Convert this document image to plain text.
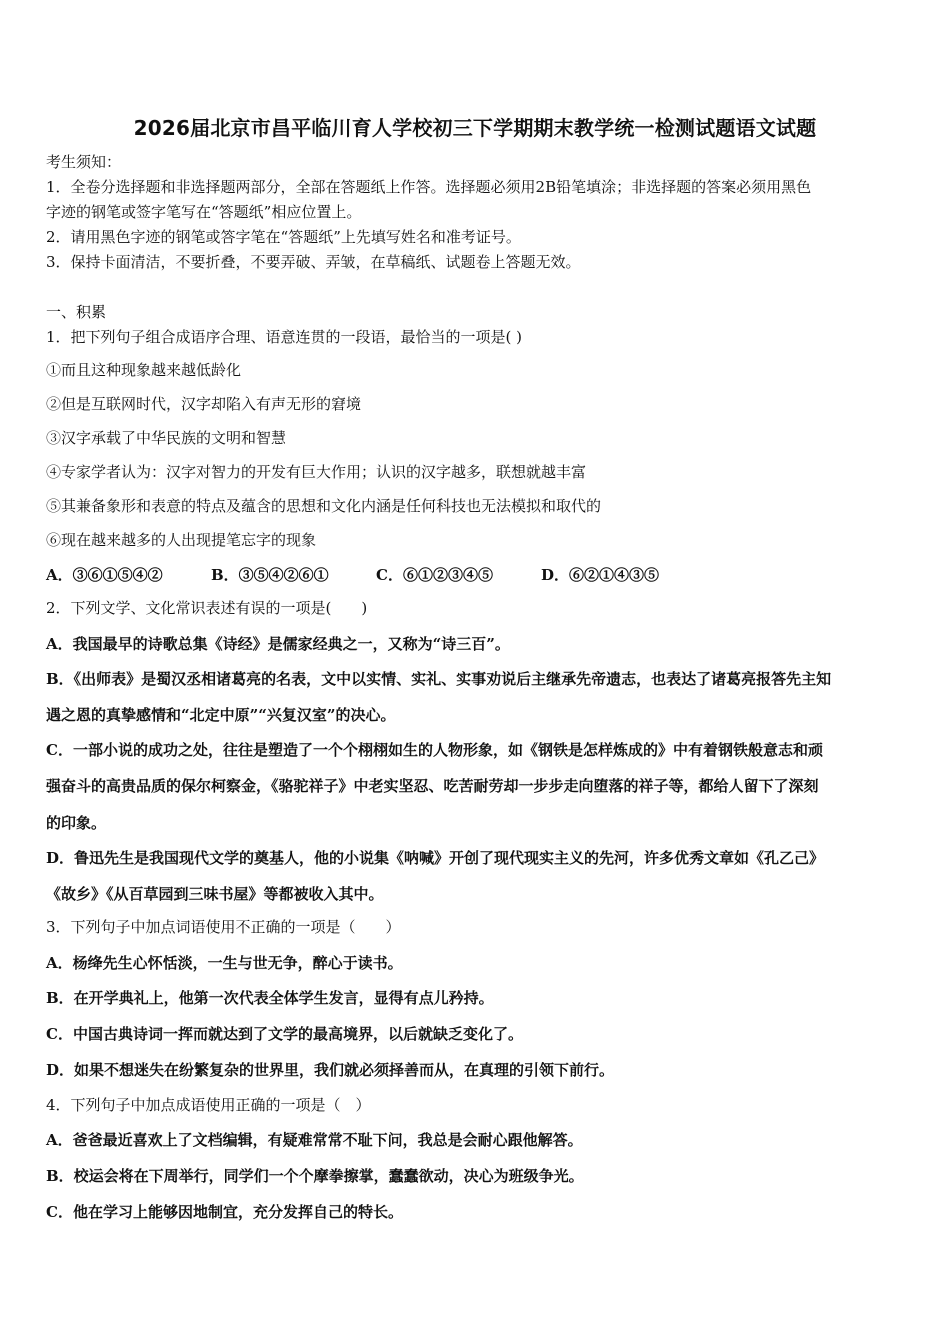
2026届北京市昌平临川育人学校初三下学期期末教学统一检测试题语文试题
考生须知：
1．全卷分选择题和非选择题两部分，全部在答题纸上作答。选择题必须用2B铅笔填涂；非选择题的答案必须用黑色
字迹的钢笔或签字笔写在“答题纸”相应位置上。
2．请用黑色字迹的钢笔或答字笔在“答题纸”上先填写姓名和准考证号。
3．保持卡面清洁，不要折叠，不要弄破、弄皱，在草稿纸、试题卷上答题无效。
一、积累
1．把下列句子组合成语序合理、语意连贯的一段语，最恰当的一项是( )
①而且这种现象越来越低龄化
②但是互联网时代，汉字却陷入有声无形的窘境
③汉字承载了中华民族的文明和智慧
④专家学者认为：汉字对智力的开发有巨大作用；认识的汉字越多，联想就越丰富
⑤其兼备象形和表意的特点及蕴含的思想和文化内涵是任何科技也无法模拟和取代的
⑥现在越来越多的人出现提笔忘字的现象
A．③⑥①⑤④②	B．③⑤④②⑥①	C．⑥①②③④⑤	D．⑥②①④③⑤
2．下列文学、文化常识表述有误的一项是(　　)
A．我国最早的诗歌总集《诗经》是儒家经典之一，又称为“诗三百”。
B．《出师表》是蜀汉丞相诸葛亮的名表，文中以实情、实礼、实事劝说后主继承先帝遗志，也表达了诸葛亮报答先主知
遇之恩的真挚感情和“北定中原”“兴复汉室”的决心。
C．一部小说的成功之处，往往是塑造了一个个栩栩如生的人物形象，如《钢铁是怎样炼成的》中有着钢铁般意志和顽
强奋斗的高贵品质的保尔柯察金，《骆驼祥子》中老实坚忍、吃苦耐劳却一步步走向堕落的祥子等，都给人留下了深刻
的印象。
D．鲁迅先生是我国现代文学的奠基人，他的小说集《呐喊》开创了现代现实主义的先河，许多优秀文章如《孔乙己》
《故乡》《从百草园到三味书屋》等都被收入其中。
3．下列句子中加点词语使用不正确的一项是（　　）
A．杨绛先生心怀恬淡，一生与世无争，醉心于读书。
B．在开学典礼上，他第一次代表全体学生发言，显得有点儿矜持。
C．中国古典诗词一挥而就达到了文学的最高境界，以后就缺乏变化了。
D．如果不想迷失在纷繁复杂的世界里，我们就必须择善而从，在真理的引领下前行。
4．下列句子中加点成语使用正确的一项是（　）
A．爸爸最近喜欢上了文档编辑，有疑难常常不耻下问，我总是会耐心跟他解答。
B．校运会将在下周举行，同学们一个个摩拳擦掌，蠢蠢欲动，决心为班级争光。
C．他在学习上能够因地制宜，充分发挥自己的特长。
